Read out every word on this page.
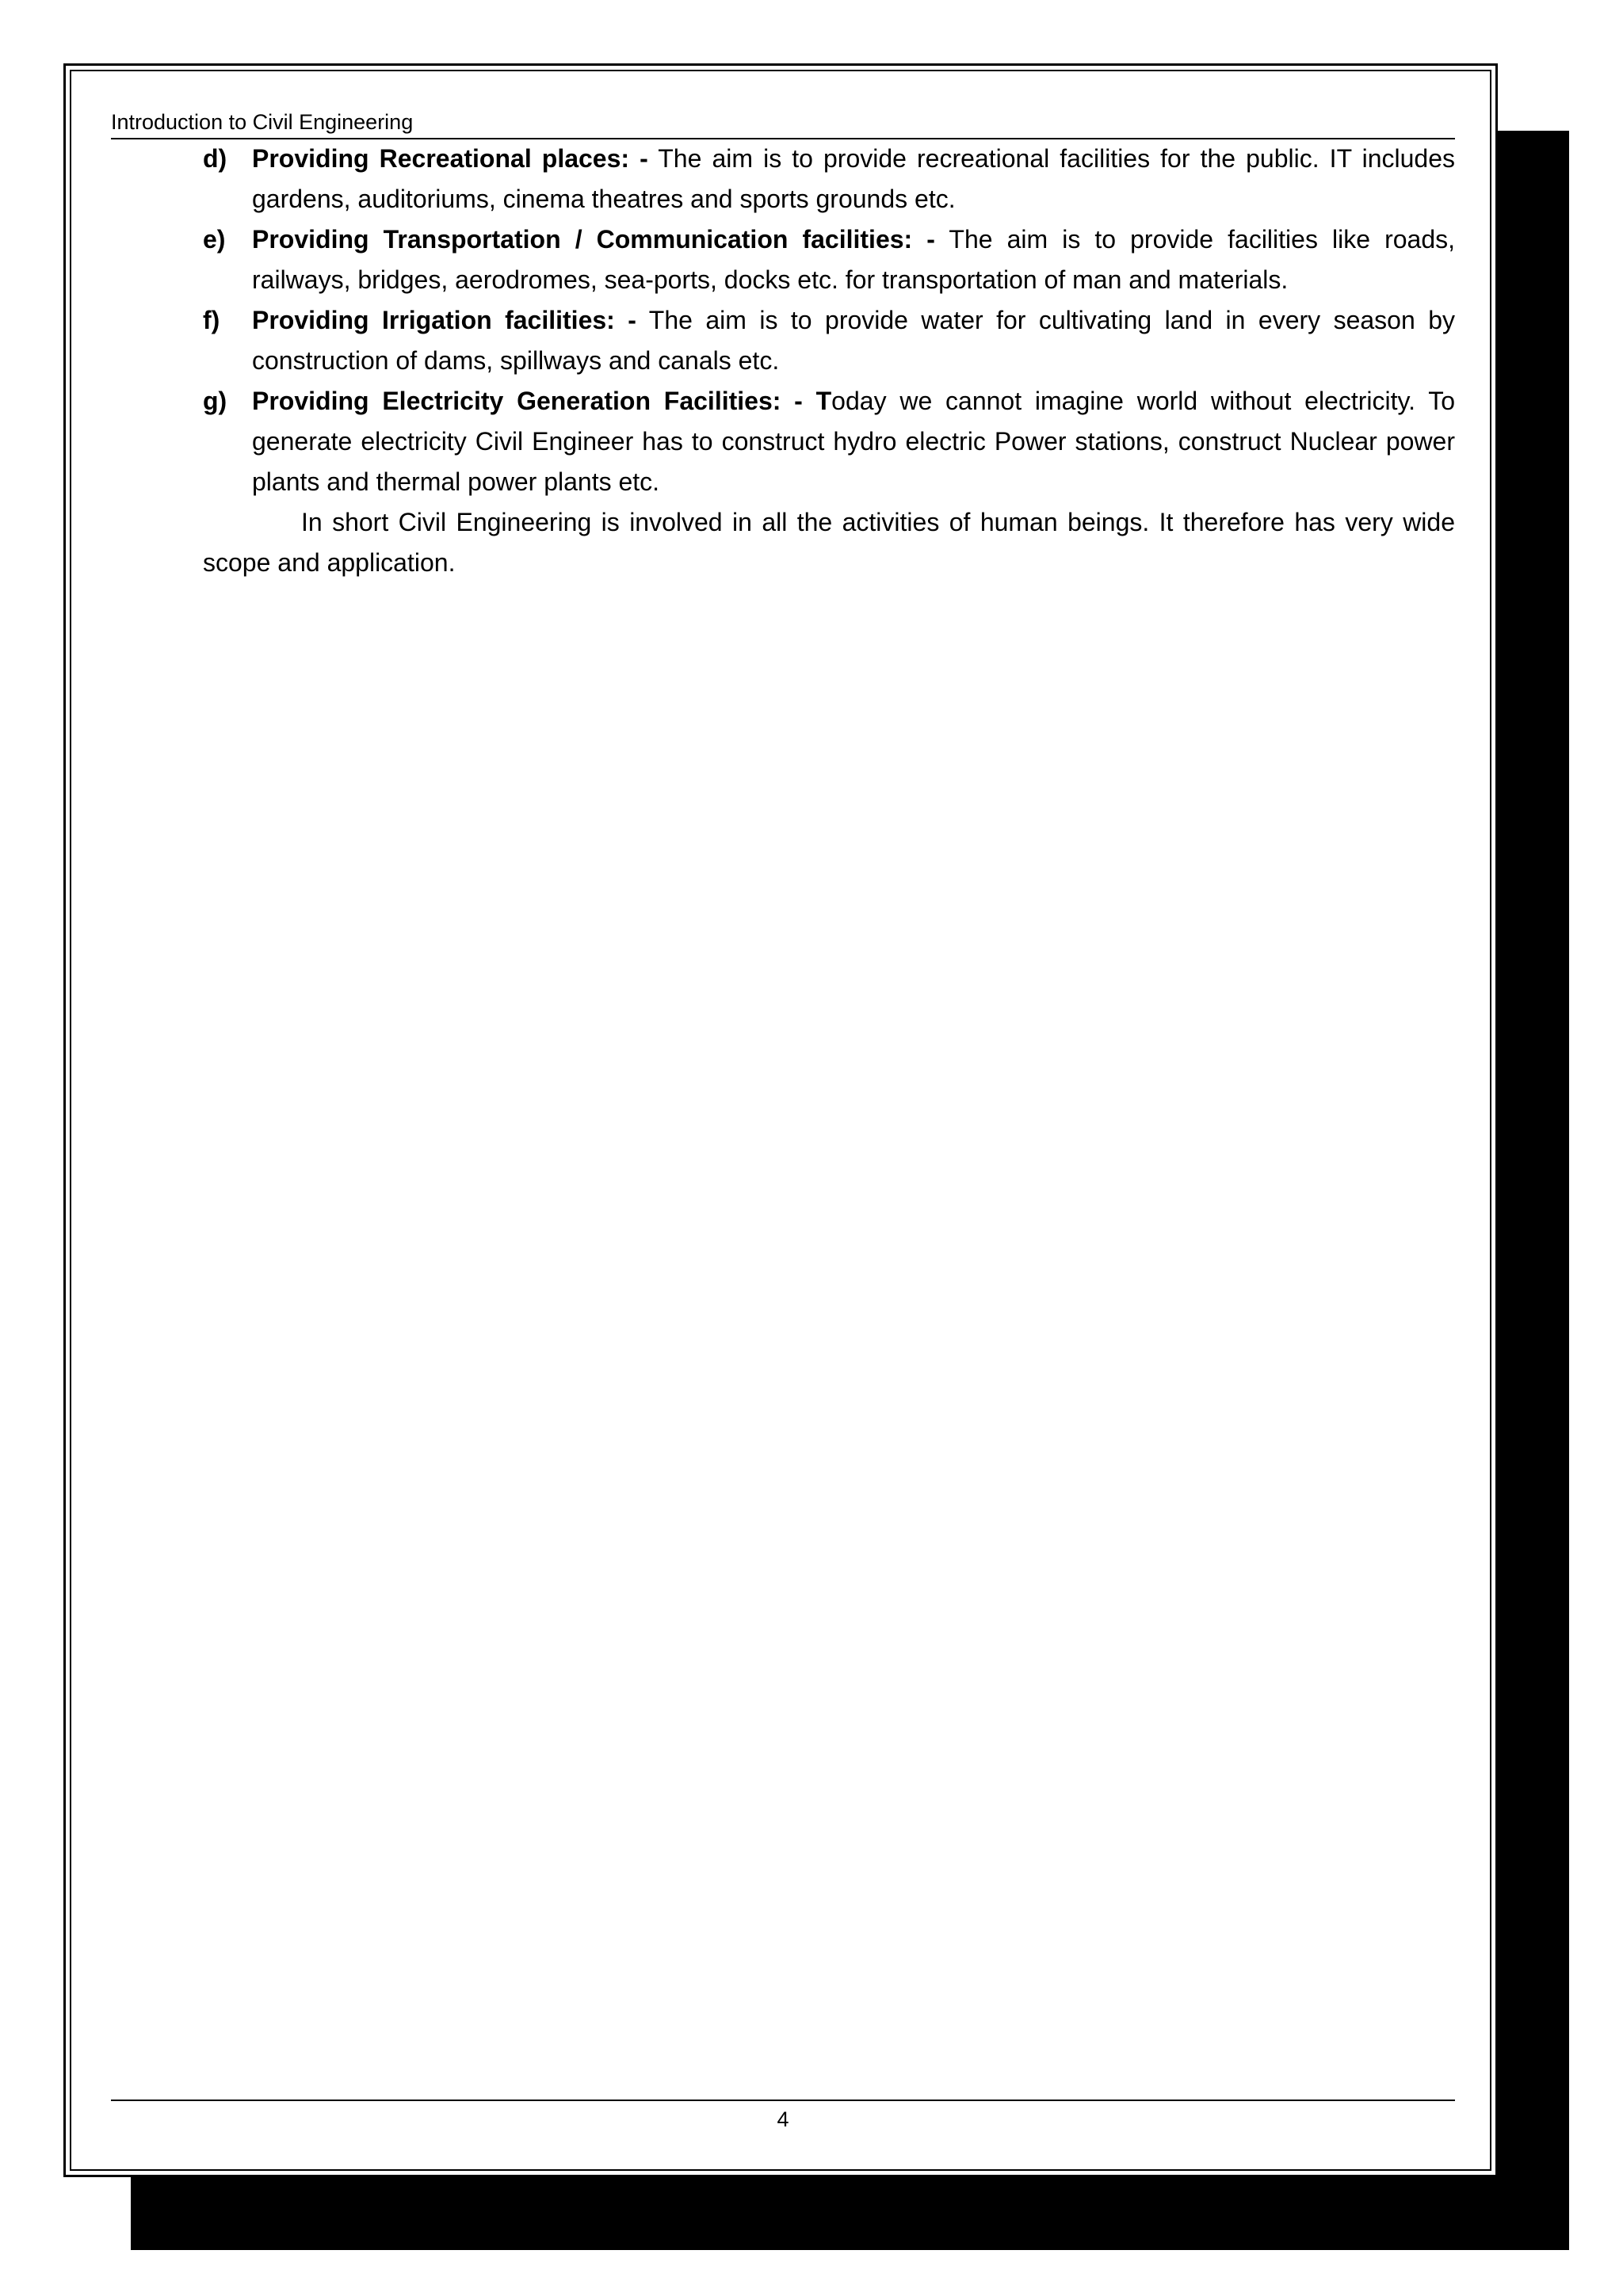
Introduction to Civil Engineering

d) Providing Recreational places: - The aim is to provide recreational facilities for the public. IT includes gardens, auditoriums, cinema theatres and sports grounds etc.

e) Providing Transportation / Communication facilities: - The aim is to provide facilities like roads, railways, bridges, aerodromes, sea-ports, docks etc. for transportation of man and materials.

f) Providing Irrigation facilities: - The aim is to provide water for cultivating land in every season by construction of dams, spillways and canals etc.

g) Providing Electricity Generation Facilities: - Today we cannot imagine world without electricity. To generate electricity Civil Engineer has to construct hydro electric Power stations, construct Nuclear power plants and thermal power plants etc.

In short Civil Engineering is involved in all the activities of human beings. It therefore has very wide scope and application.

4
